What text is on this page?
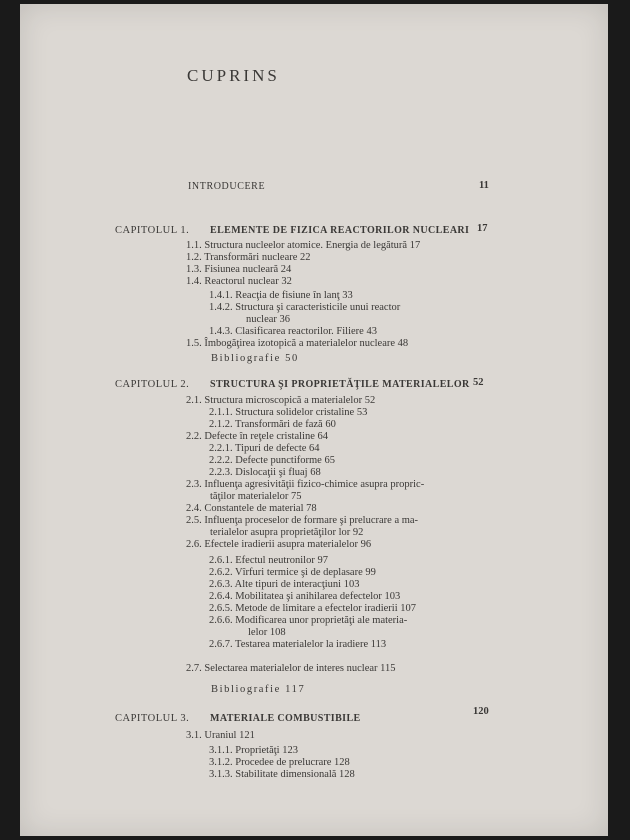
CUPRINS
INTRODUCERE	11
CAPITOLUL 1. ELEMENTE DE FIZICA REACTORILOR NUCLEARI 17
1.1. Structura nucleelor atomice. Energia de legătură 17
1.2. Transformări nucleare 22
1.3. Fisiunea nucleară 24
1.4. Reactorul nuclear 32
1.4.1. Reacţia de fisiune în lanţ 33
1.4.2. Structura şi caracteristicile unui reactor
nuclear 36
1.4.3. Clasificarea reactorilor. Filiere 43
1.5. Îmbogăţirea izotopică a materialelor nucleare 48
Bibliografie 50
CAPITOLUL 2. STRUCTURA ŞI PROPRIETĂŢILE MATERIALELOR 52
2.1. Structura microscopică a materialelor 52
2.1.1. Structura solidelor cristaline 53
2.1.2. Transformări de fază 60
2.2. Defecte în reţele cristaline 64
2.2.1. Tipuri de defecte 64
2.2.2. Defecte punctiforme 65
2.2.3. Dislocaţii şi fluaj 68
2.3. Influenţa agresivităţii fizico-chimice asupra propric-
tăţilor materialelor 75
2.4. Constantele de material 78
2.5. Influenţa proceselor de formare şi prelucrare a ma-
terialelor asupra proprietăţilor lor 92
2.6. Efectele iradierii asupra materialelor 96
2.6.1. Efectul neutronilor 97
2.6.2. Vîrfuri termice şi de deplasare 99
2.6.3. Alte tipuri de interacţiuni 103
2.6.4. Mobilitatea şi anihilarea defectelor 103
2.6.5. Metode de limitare a efectelor iradierii 107
2.6.6. Modificarea unor proprietăţi ale materia-
lelor 108
2.6.7. Testarea materialelor la iradiere 113
2.7. Selectarea materialelor de interes nuclear 115
Bibliografie 117
CAPITOLUL 3. MATERIALE COMBUSTIBILE
120
3.1. Uraniul 121
3.1.1. Proprietăţi 123
3.1.2. Procedee de prelucrare 128
3.1.3. Stabilitate dimensională 128
